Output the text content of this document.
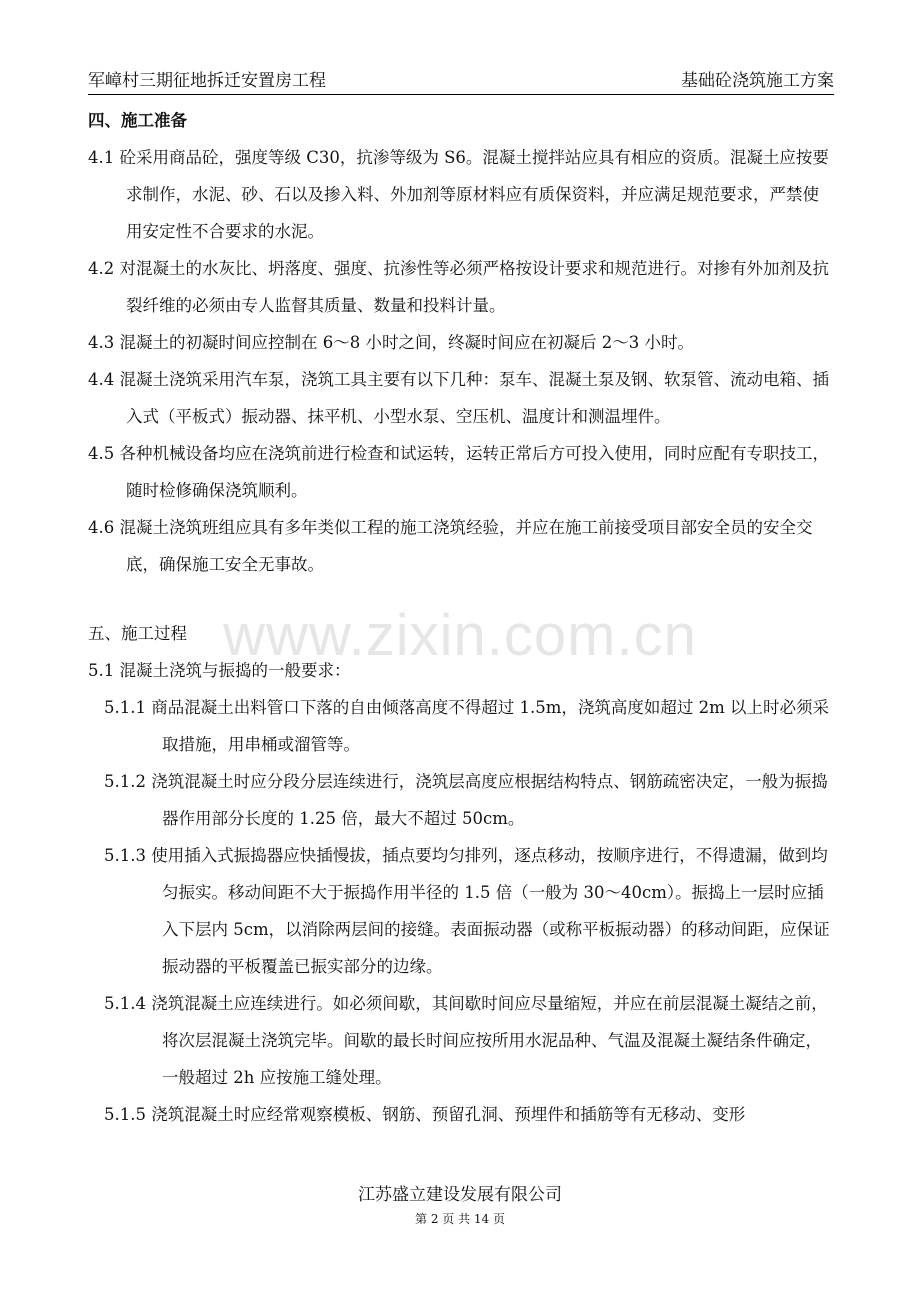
军嶂村三期征地拆迁安置房工程	基础砼浇筑施工方案
www.zixin.com.cn
四、施工准备
4.1 砼采用商品砼，强度等级 C30，抗渗等级为 S6。混凝土搅拌站应具有相应的资质。混凝土应按要求制作，水泥、砂、石以及掺入料、外加剂等原材料应有质保资料，并应满足规范要求，严禁使用安定性不合要求的水泥。
4.2 对混凝土的水灰比、坍落度、强度、抗渗性等必须严格按设计要求和规范进行。对掺有外加剂及抗裂纤维的必须由专人监督其质量、数量和投料计量。
4.3 混凝土的初凝时间应控制在 6～8 小时之间，终凝时间应在初凝后 2～3 小时。
4.4 混凝土浇筑采用汽车泵，浇筑工具主要有以下几种：泵车、混凝土泵及钢、软泵管、流动电箱、插入式（平板式）振动器、抹平机、小型水泵、空压机、温度计和测温埋件。
4.5 各种机械设备均应在浇筑前进行检查和试运转，运转正常后方可投入使用，同时应配有专职技工，随时检修确保浇筑顺利。
4.6 混凝土浇筑班组应具有多年类似工程的施工浇筑经验，并应在施工前接受项目部安全员的安全交底，确保施工安全无事故。
五、施工过程
5.1 混凝土浇筑与振捣的一般要求：
5.1.1 商品混凝土出料管口下落的自由倾落高度不得超过 1.5m，浇筑高度如超过 2m 以上时必须采取措施，用串桶或溜管等。
5.1.2 浇筑混凝土时应分段分层连续进行，浇筑层高度应根据结构特点、钢筋疏密决定，一般为振捣器作用部分长度的 1.25 倍，最大不超过 50cm。
5.1.3 使用插入式振捣器应快插慢拔，插点要均匀排列，逐点移动，按顺序进行，不得遗漏，做到均匀振实。移动间距不大于振捣作用半径的 1.5 倍（一般为 30～40cm）。振捣上一层时应插入下层内 5cm，以消除两层间的接缝。表面振动器（或称平板振动器）的移动间距，应保证振动器的平板覆盖已振实部分的边缘。
5.1.4 浇筑混凝土应连续进行。如必须间歇，其间歇时间应尽量缩短，并应在前层混凝土凝结之前，将次层混凝土浇筑完毕。间歇的最长时间应按所用水泥品种、气温及混凝土凝结条件确定，一般超过 2h 应按施工缝处理。
5.1.5 浇筑混凝土时应经常观察模板、钢筋、预留孔洞、预埋件和插筋等有无移动、变形
江苏盛立建设发展有限公司
第 2 页 共 14 页
